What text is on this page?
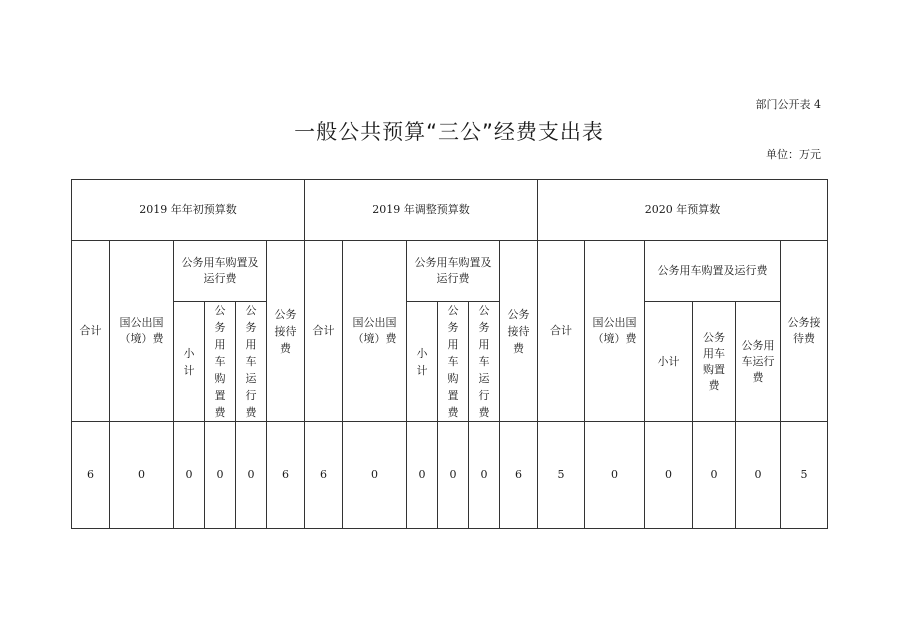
部门公开表 4
一般公共预算“三公”经费支出表
单位：万元
2019 年年初预算数						2019 年调整预算数						2020 年预算数					
合计	国公出国（境）费	公务用车购置及运行费			公务接待费	合计	国公出国（境）费	公务用车购置及运行费			公务接待费	合计	国公出国（境）费	公务用车购置及运行费			公务接待费
		小计	公务用车购置费	公务用车运行费				小计	公务用车购置费	公务用车运行费				小计	公务用车购置费	公务用车运行费	
6	0	0	0	0	6	6	0	0	0	0	6	5	0	0	0	0	5
